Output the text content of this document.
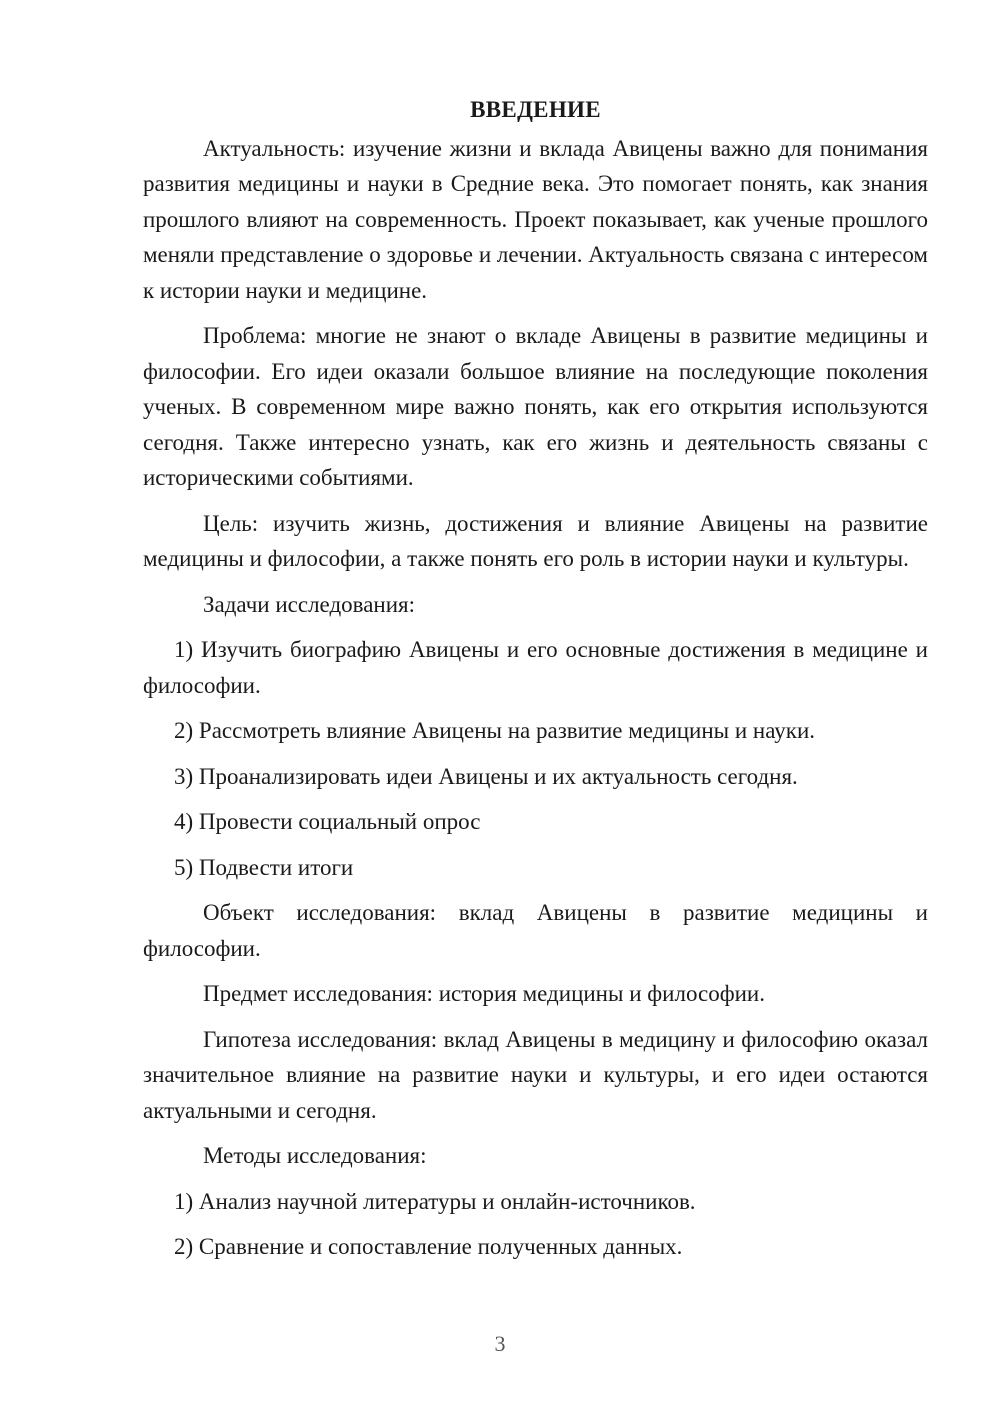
ВВЕДЕНИЕ

Актуальность: изучение жизни и вклада Авицены важно для понимания развития медицины и науки в Средние века. Это помогает понять, как знания прошлого влияют на современность. Проект показывает, как ученые прошлого меняли представление о здоровье и лечении. Актуальность связана с интересом к истории науки и медицине.

Проблема: многие не знают о вкладе Авицены в развитие медицины и философии. Его идеи оказали большое влияние на последующие поколения ученых. В современном мире важно понять, как его открытия используются сегодня. Также интересно узнать, как его жизнь и деятельность связаны с историческими событиями.

Цель: изучить жизнь, достижения и влияние Авицены на развитие медицины и философии, а также понять его роль в истории науки и культуры.

Задачи исследования:

1) Изучить биографию Авицены и его основные достижения в медицине и философии.

2) Рассмотреть влияние Авицены на развитие медицины и науки.

3) Проанализировать идеи Авицены и их актуальность сегодня.

4) Провести социальный опрос

5) Подвести итоги

Объект исследования: вклад Авицены в развитие медицины и философии.

Предмет исследования: история медицины и философии.

Гипотеза исследования: вклад Авицены в медицину и философию оказал значительное влияние на развитие науки и культуры, и его идеи остаются актуальными и сегодня.

Методы исследования:

1) Анализ научной литературы и онлайн-источников.

2) Сравнение и сопоставление полученных данных.

3
